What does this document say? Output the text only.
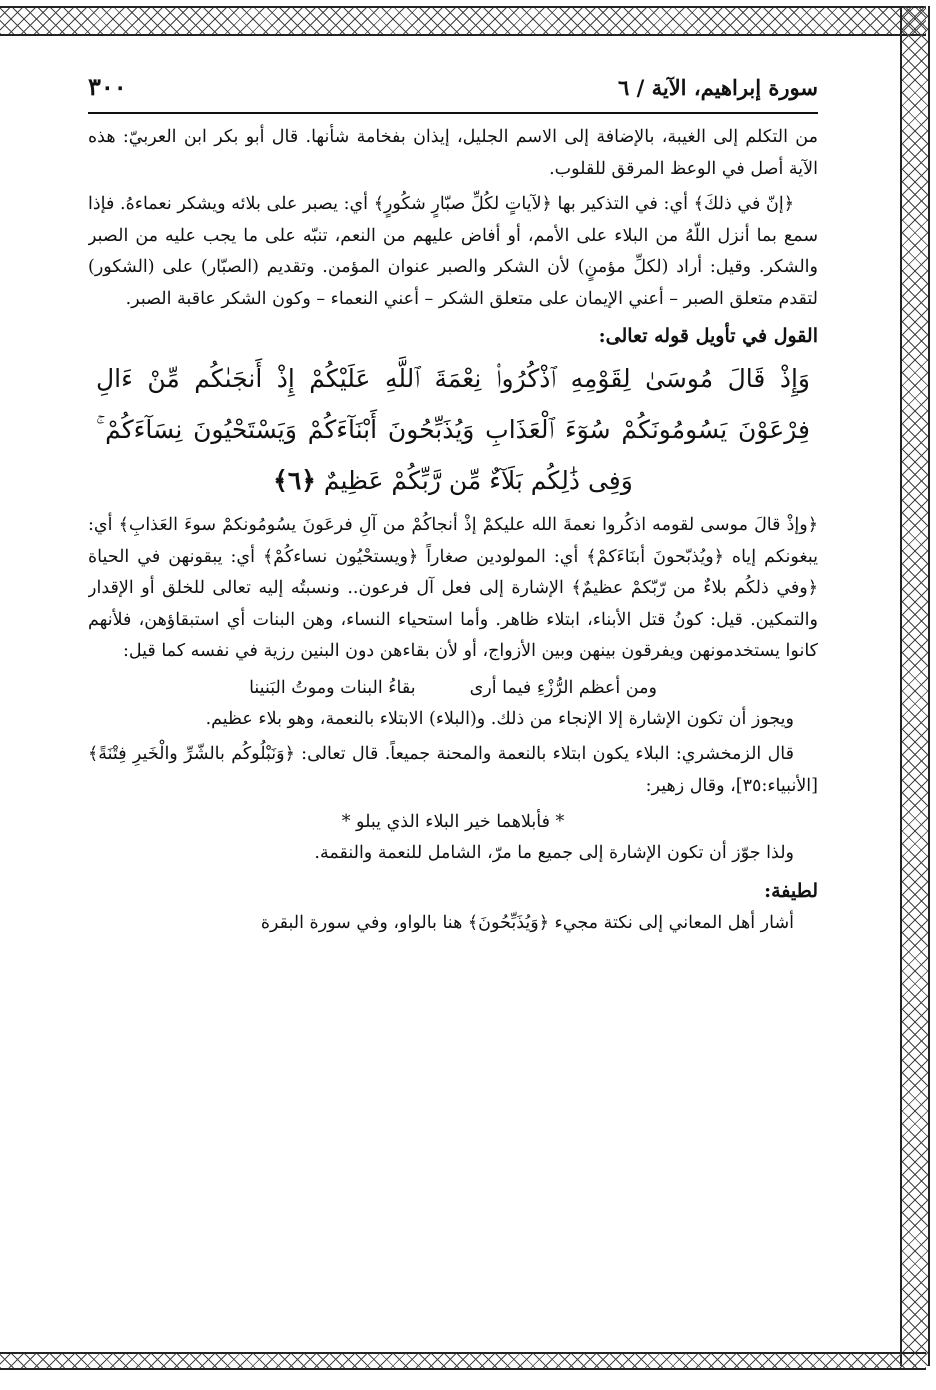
سورة إبراهيم، الآية / ٦
٣٠٠

من التكلم إلى الغيبة، بالإضافة إلى الاسم الجليل، إيذان بفخامة شأنها. قال أبو بكر ابن العربيّ: هذه الآية أصل في الوعظ المرقق للقلوب.

﴿إنّ في ذلكَ﴾ أي: في التذكير بها ﴿لآياتٍ لكُلِّ صبّارٍ شكُورٍ﴾ أي: يصبر على بلائه ويشكر نعماءهُ. فإذا سمع بما أنزل اللّهُ من البلاء على الأمم، أو أفاض عليهم من النعم، تنبّه على ما يجب عليه من الصبر والشكر. وقيل: أراد (لكلِّ مؤمنٍ) لأن الشكر والصبر عنوان المؤمن. وتقديم (الصبّار) على (الشكور) لتقدم متعلق الصبر – أعني الإيمان على متعلق الشكر – أعني النعماء – وكون الشكر عاقبة الصبر.

القول في تأويل قوله تعالى:

وَإِذْ قَالَ مُوسَىٰ لِقَوْمِهِ ٱذْكُرُوا۟ نِعْمَةَ ٱللَّهِ عَلَيْكُمْ إِذْ أَنجَىٰكُم مِّنْ ءَالِ فِرْعَوْنَ يَسُومُونَكُمْ سُوٓءَ ٱلْعَذَابِ وَيُذَبِّحُونَ أَبْنَآءَكُمْ وَيَسْتَحْيُونَ نِسَآءَكُمْ ۚ وَفِى ذَٰلِكُم بَلَآءٌ مِّن رَّبِّكُمْ عَظِيمٌ ﴿٦﴾

﴿وإذْ قالَ موسى لقومه اذكُروا نعمةَ الله عليكمْ إذْ أنجاكُمْ من آلِ فرعَونَ يسُومُونكمْ سوءَ العَذابِ﴾ أي: يبغونكم إياه ﴿ويُذبّحونَ أبنَاءَكمْ﴾ أي: المولودين صغاراً ﴿ويستحْيُون نساءكُمْ﴾ أي: يبقونهن في الحياة ﴿وفي ذلكُم بلاءٌ من رّبّكمْ عظيمٌ﴾ الإشارة إلى فعل آل فرعون.. ونسبتُه إليه تعالى للخلق أو الإقدار والتمكين. قيل: كونُ قتل الأبناء، ابتلاء ظاهر. وأما استحياء النساء، وهن البنات أي استبقاؤهن، فلأنهم كانوا يستخدمونهن ويفرقون بينهن وبين الأزواج، أو لأن بقاءهن دون البنين رزية في نفسه كما قيل:

ومن أعظم الرُّزْءِ فيما أرى
بقاءُ البنات وموتُ البَنينا

ويجوز أن تكون الإشارة إلا الإنجاء من ذلك. و(البلاء) الابتلاء بالنعمة، وهو بلاء عظيم.

قال الزمخشري: البلاء يكون ابتلاء بالنعمة والمحنة جميعاً. قال تعالى: ﴿وَنَبْلُوكُم بالشّرِّ والْخَيرِ فِتْنَةً﴾ [الأنبياء:٣٥]، وقال زهير:

* فأبلاهما خير البلاء الذي يبلو *

ولذا جوّز أن تكون الإشارة إلى جميع ما مرّ، الشامل للنعمة والنقمة.

لطيفة:

أشار أهل المعاني إلى نكتة مجيء ﴿وَيُذَبِّحُونَ﴾ هنا بالواو، وفي سورة البقرة
